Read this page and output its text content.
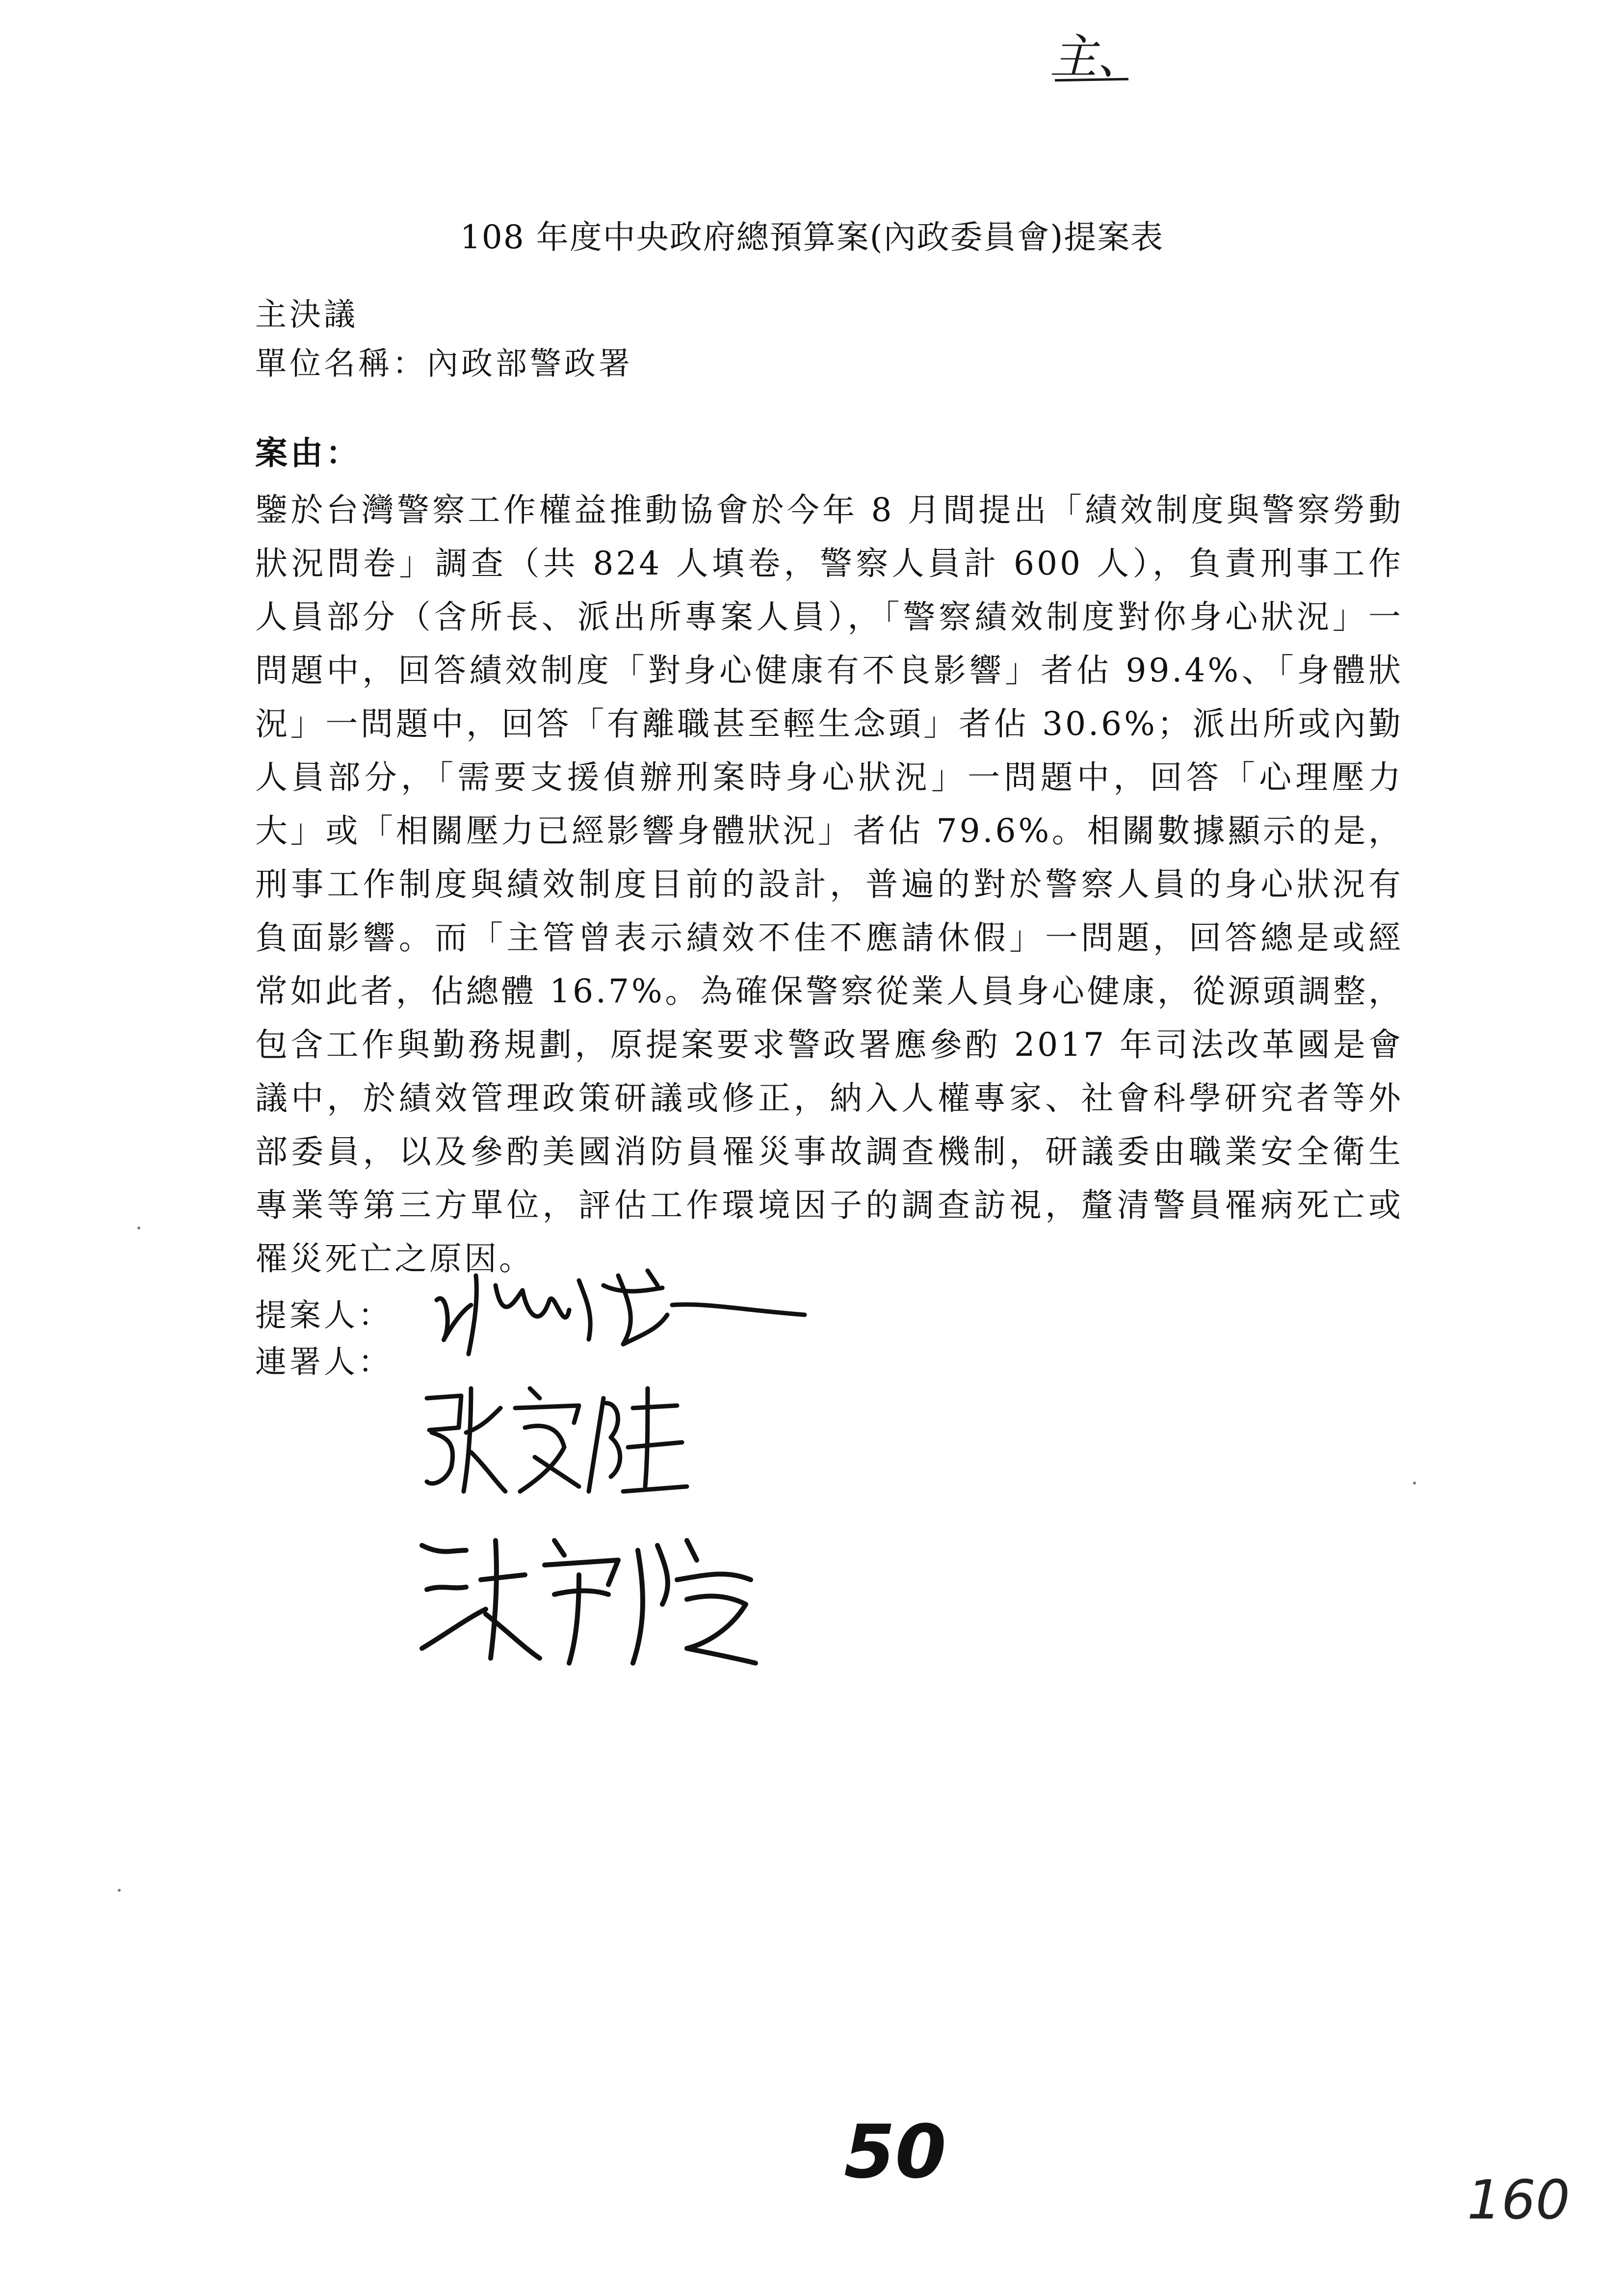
主、
108 年度中央政府總預算案(內政委員會)提案表
主決議
單位名稱：內政部警政署
案由：
鑒於台灣警察工作權益推動協會於今年 8 月間提出「績效制度與警察勞動狀況問卷」調查（共 824 人填卷，警察人員計 600 人），負責刑事工作人員部分（含所長、派出所專案人員），「警察績效制度對你身心狀況」一問題中，回答績效制度「對身心健康有不良影響」者佔 99.4%、「身體狀況」一問題中，回答「有離職甚至輕生念頭」者佔 30.6%；派出所或內勤人員部分，「需要支援偵辦刑案時身心狀況」一問題中，回答「心理壓力大」或「相關壓力已經影響身體狀況」者佔 79.6%。相關數據顯示的是，刑事工作制度與績效制度目前的設計，普遍的對於警察人員的身心狀況有負面影響。而「主管曾表示績效不佳不應請休假」一問題，回答總是或經常如此者，佔總體 16.7%。為確保警察從業人員身心健康，從源頭調整，包含工作與勤務規劃，原提案要求警政署應參酌 2017 年司法改革國是會議中，於績效管理政策研議或修正，納入人權專家、社會科學研究者等外部委員，以及參酌美國消防員罹災事故調查機制，研議委由職業安全衛生專業等第三方單位，評估工作環境因子的調查訪視，釐清警員罹病死亡或罹災死亡之原因。
提案人：
連署人：
50
160
